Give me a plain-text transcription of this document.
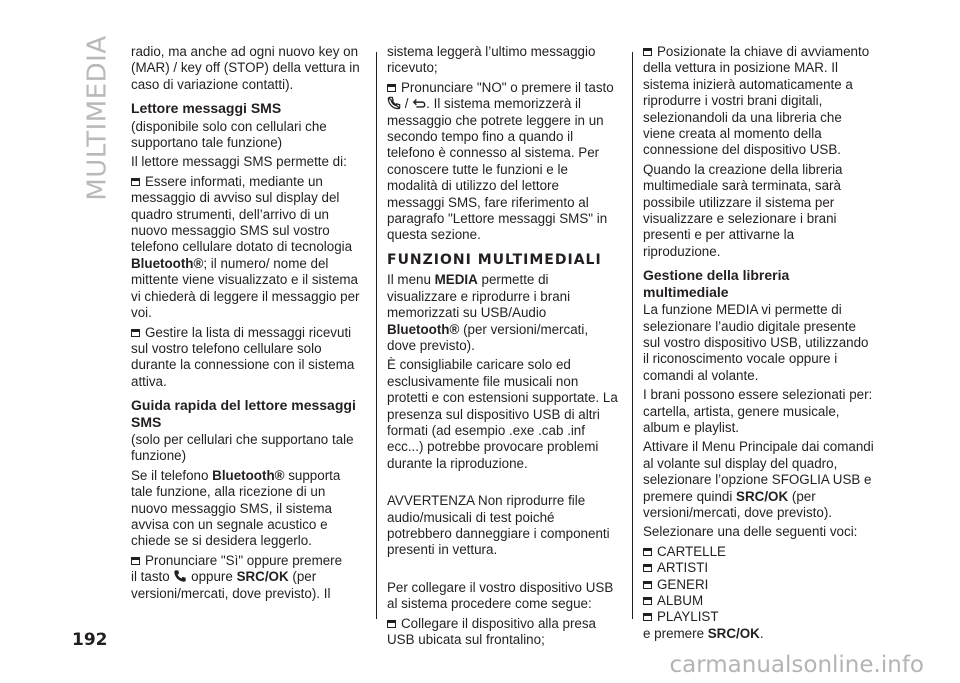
MULTIMEDIA radio, ma anche ad ogni nuovo key on (MAR) / key off (STOP) della vettura in caso di variazione contatti).

Lettore messaggi SMS

(disponibile solo con cellulari che supportano tale funzione)

Il lettore messaggi SMS permette di:

Essere informati, mediante un messaggio di avviso sul display del quadro strumenti, dell’arrivo di un nuovo messaggio SMS sul vostro telefono cellulare dotato di tecnologia Bluetooth®; il numero/ nome del mittente viene visualizzato e il sistema vi chiederà di leggere il messaggio per voi.

Gestire la lista di messaggi ricevuti sul vostro telefono cellulare solo durante la connessione con il sistema attiva.

Guida rapida del lettore messaggi SMS

(solo per cellulari che supportano tale funzione)

Se il telefono Bluetooth® supporta tale funzione, alla ricezione di un nuovo messaggio SMS, il sistema avvisa con un segnale acustico e chiede se si desidera leggerlo.

Pronunciare "Sì" oppure premere

il tasto  oppure SRC/OK (per versioni/mercati, dove previsto). Il

sistema leggerà l’ultimo messaggio ricevuto;

Pronunciare "NO" o premere il tasto

/ . Il sistema memorizzerà il messaggio che potrete leggere in un secondo tempo fino a quando il telefono è connesso al sistema. Per conoscere tutte le funzioni e le modalità di utilizzo del lettore messaggi SMS, fare riferimento al paragrafo "Lettore messaggi SMS" in questa sezione.

FUNZIONI MULTIMEDIALI

Il menu MEDIA permette di visualizzare e riprodurre i brani memorizzati su USB/Audio Bluetooth® (per versioni/mercati, dove previsto).

È consigliabile caricare solo ed esclusivamente file musicali non protetti e con estensioni supportate. La presenza sul dispositivo USB di altri formati (ad esempio .exe .cab .inf ecc...) potrebbe provocare problemi durante la riproduzione.

AVVERTENZA Non riprodurre file audio/musicali di test poiché potrebbero danneggiare i componenti presenti in vettura.

Per collegare il vostro dispositivo USB al sistema procedere come segue:

Collegare il dispositivo alla presa USB ubicata sul frontalino;

Posizionate la chiave di avviamento della vettura in posizione MAR. Il sistema inizierà automaticamente a riprodurre i vostri brani digitali, selezionandoli da una libreria che viene creata al momento della connessione del dispositivo USB.

Quando la creazione della libreria multimediale sarà terminata, sarà possibile utilizzare il sistema per visualizzare e selezionare i brani presenti e per attivarne la riproduzione.

Gestione della libreria multimediale

La funzione MEDIA vi permette di selezionare l’audio digitale presente sul vostro dispositivo USB, utilizzando il riconoscimento vocale oppure i comandi al volante.

I brani possono essere selezionati per: cartella, artista, genere musicale, album e playlist.

Attivare il Menu Principale dai comandi al volante sul display del quadro, selezionare l’opzione SFOGLIA USB e premere quindi SRC/OK (per versioni/mercati, dove previsto).

Selezionare una delle seguenti voci:

CARTELLE
ARTISTI
GENERI
ALBUM
PLAYLIST

e premere SRC/OK.

192
carmanualsonline.info
